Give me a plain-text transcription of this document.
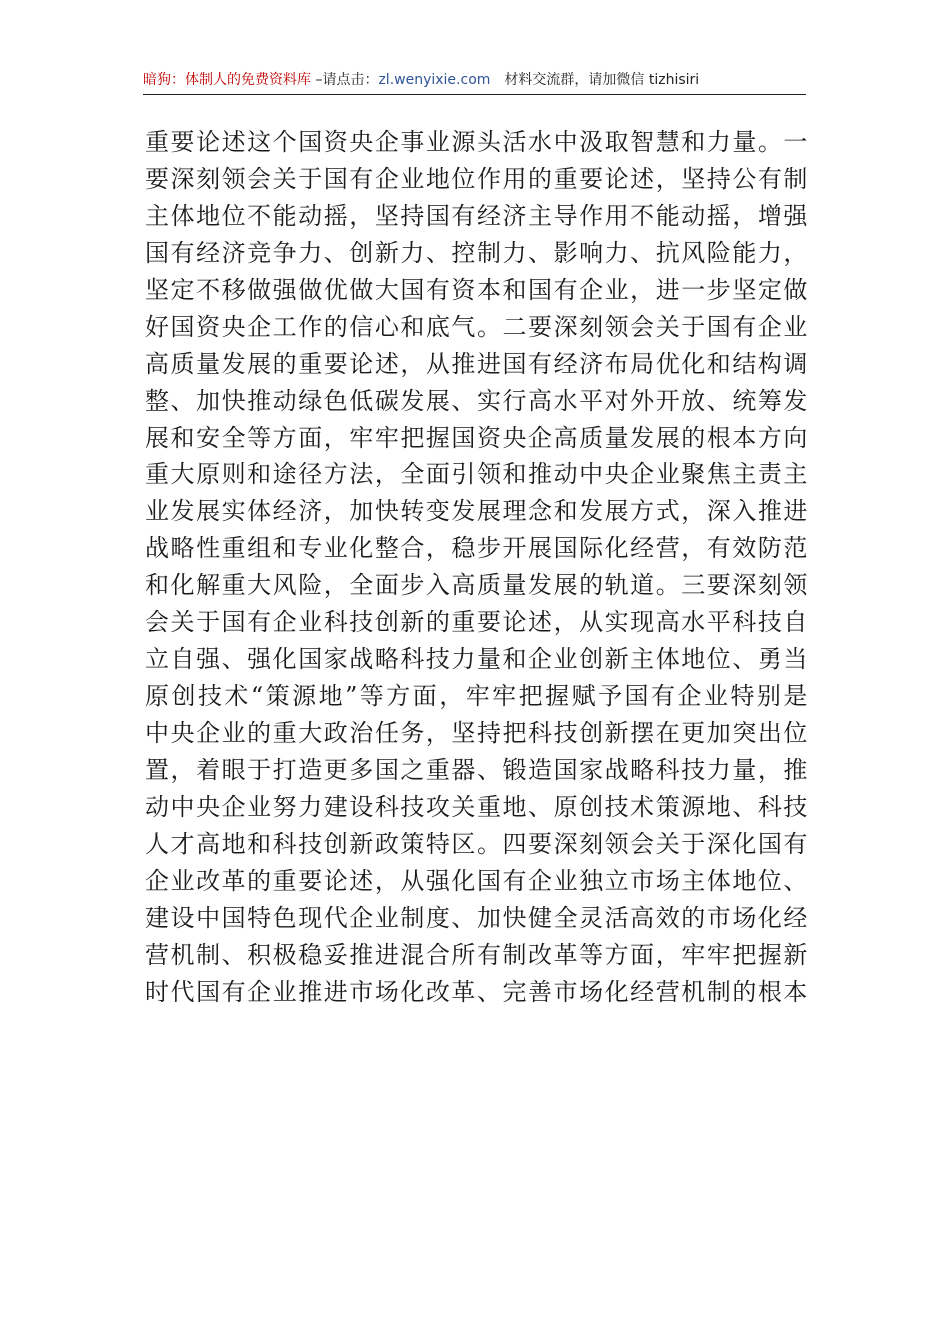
暗狗：体制人的免费资料库 –请点击：zl.wenyixie.com 材料交流群，请加微信 tizhisiri
重要论述这个国资央企事业源头活水中汲取智慧和力量。一
要深刻领会关于国有企业地位作用的重要论述，坚持公有制
主体地位不能动摇，坚持国有经济主导作用不能动摇，增强
国有经济竞争力、创新力、控制力、影响力、抗风险能力，
坚定不移做强做优做大国有资本和国有企业，进一步坚定做
好国资央企工作的信心和底气。二要深刻领会关于国有企业
高质量发展的重要论述，从推进国有经济布局优化和结构调
整、加快推动绿色低碳发展、实行高水平对外开放、统筹发
展和安全等方面，牢牢把握国资央企高质量发展的根本方向
重大原则和途径方法，全面引领和推动中央企业聚焦主责主
业发展实体经济，加快转变发展理念和发展方式，深入推进
战略性重组和专业化整合，稳步开展国际化经营，有效防范
和化解重大风险，全面步入高质量发展的轨道。三要深刻领
会关于国有企业科技创新的重要论述，从实现高水平科技自
立自强、强化国家战略科技力量和企业创新主体地位、勇当
原创技术“策源地”等方面，牢牢把握赋予国有企业特别是
中央企业的重大政治任务，坚持把科技创新摆在更加突出位
置，着眼于打造更多国之重器、锻造国家战略科技力量，推
动中央企业努力建设科技攻关重地、原创技术策源地、科技
人才高地和科技创新政策特区。四要深刻领会关于深化国有
企业改革的重要论述，从强化国有企业独立市场主体地位、
建设中国特色现代企业制度、加快健全灵活高效的市场化经
营机制、积极稳妥推进混合所有制改革等方面，牢牢把握新
时代国有企业推进市场化改革、完善市场化经营机制的根本
